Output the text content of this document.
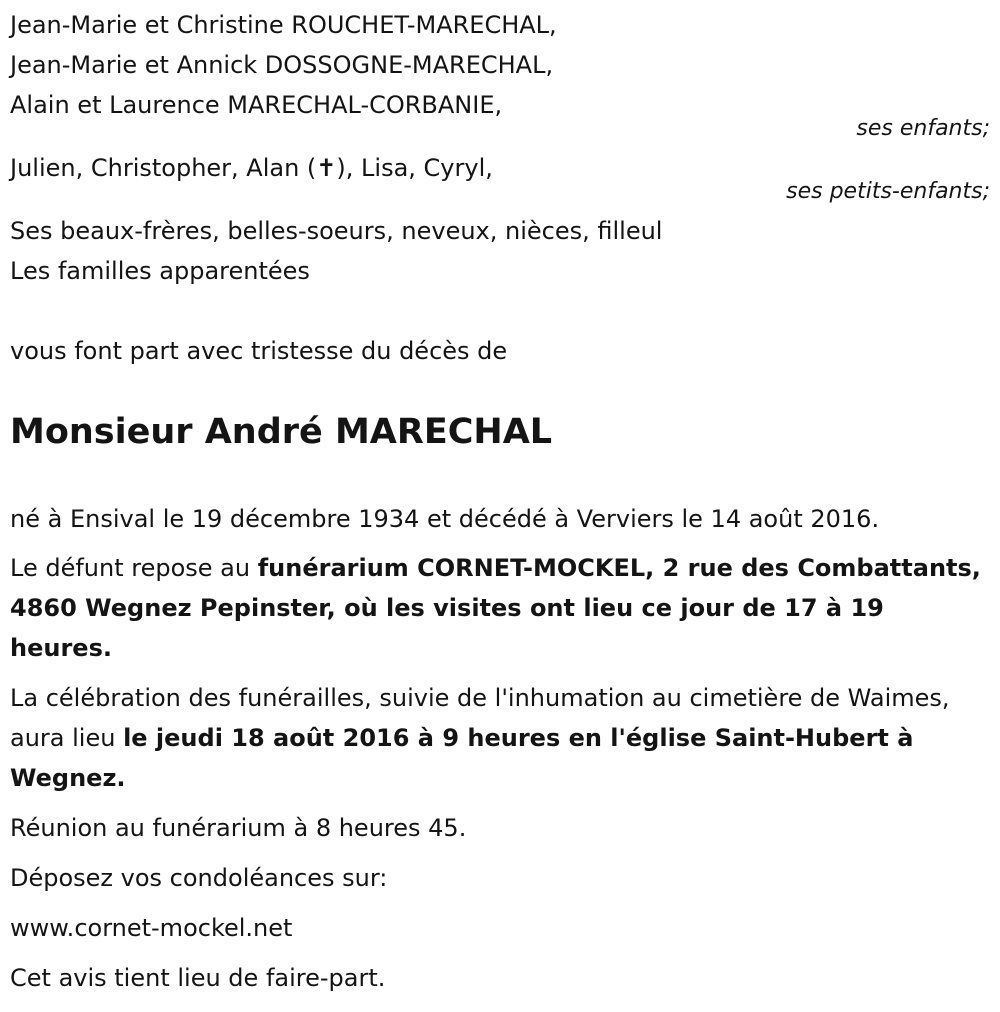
Jean-Marie et Christine ROUCHET-MARECHAL,
Jean-Marie et Annick DOSSOGNE-MARECHAL,
Alain et Laurence MARECHAL-CORBANIE,
ses enfants;
Julien, Christopher, Alan (✝), Lisa, Cyryl,
ses petits-enfants;
Ses beaux-frères, belles-soeurs, neveux, nièces, filleul
Les familles apparentées
vous font part avec tristesse du décès de
Monsieur André MARECHAL
né à Ensival le 19 décembre 1934 et décédé à Verviers le 14 août 2016.
Le défunt repose au funérarium CORNET-MOCKEL, 2 rue des Combattants, 4860 Wegnez Pepinster, où les visites ont lieu ce jour de 17 à 19 heures.
La célébration des funérailles, suivie de l'inhumation au cimetière de Waimes, aura lieu le jeudi 18 août 2016 à 9 heures en l'église Saint-Hubert à Wegnez.
Réunion au funérarium à 8 heures 45.
Déposez vos condoléances sur:
www.cornet-mockel.net
Cet avis tient lieu de faire-part.
